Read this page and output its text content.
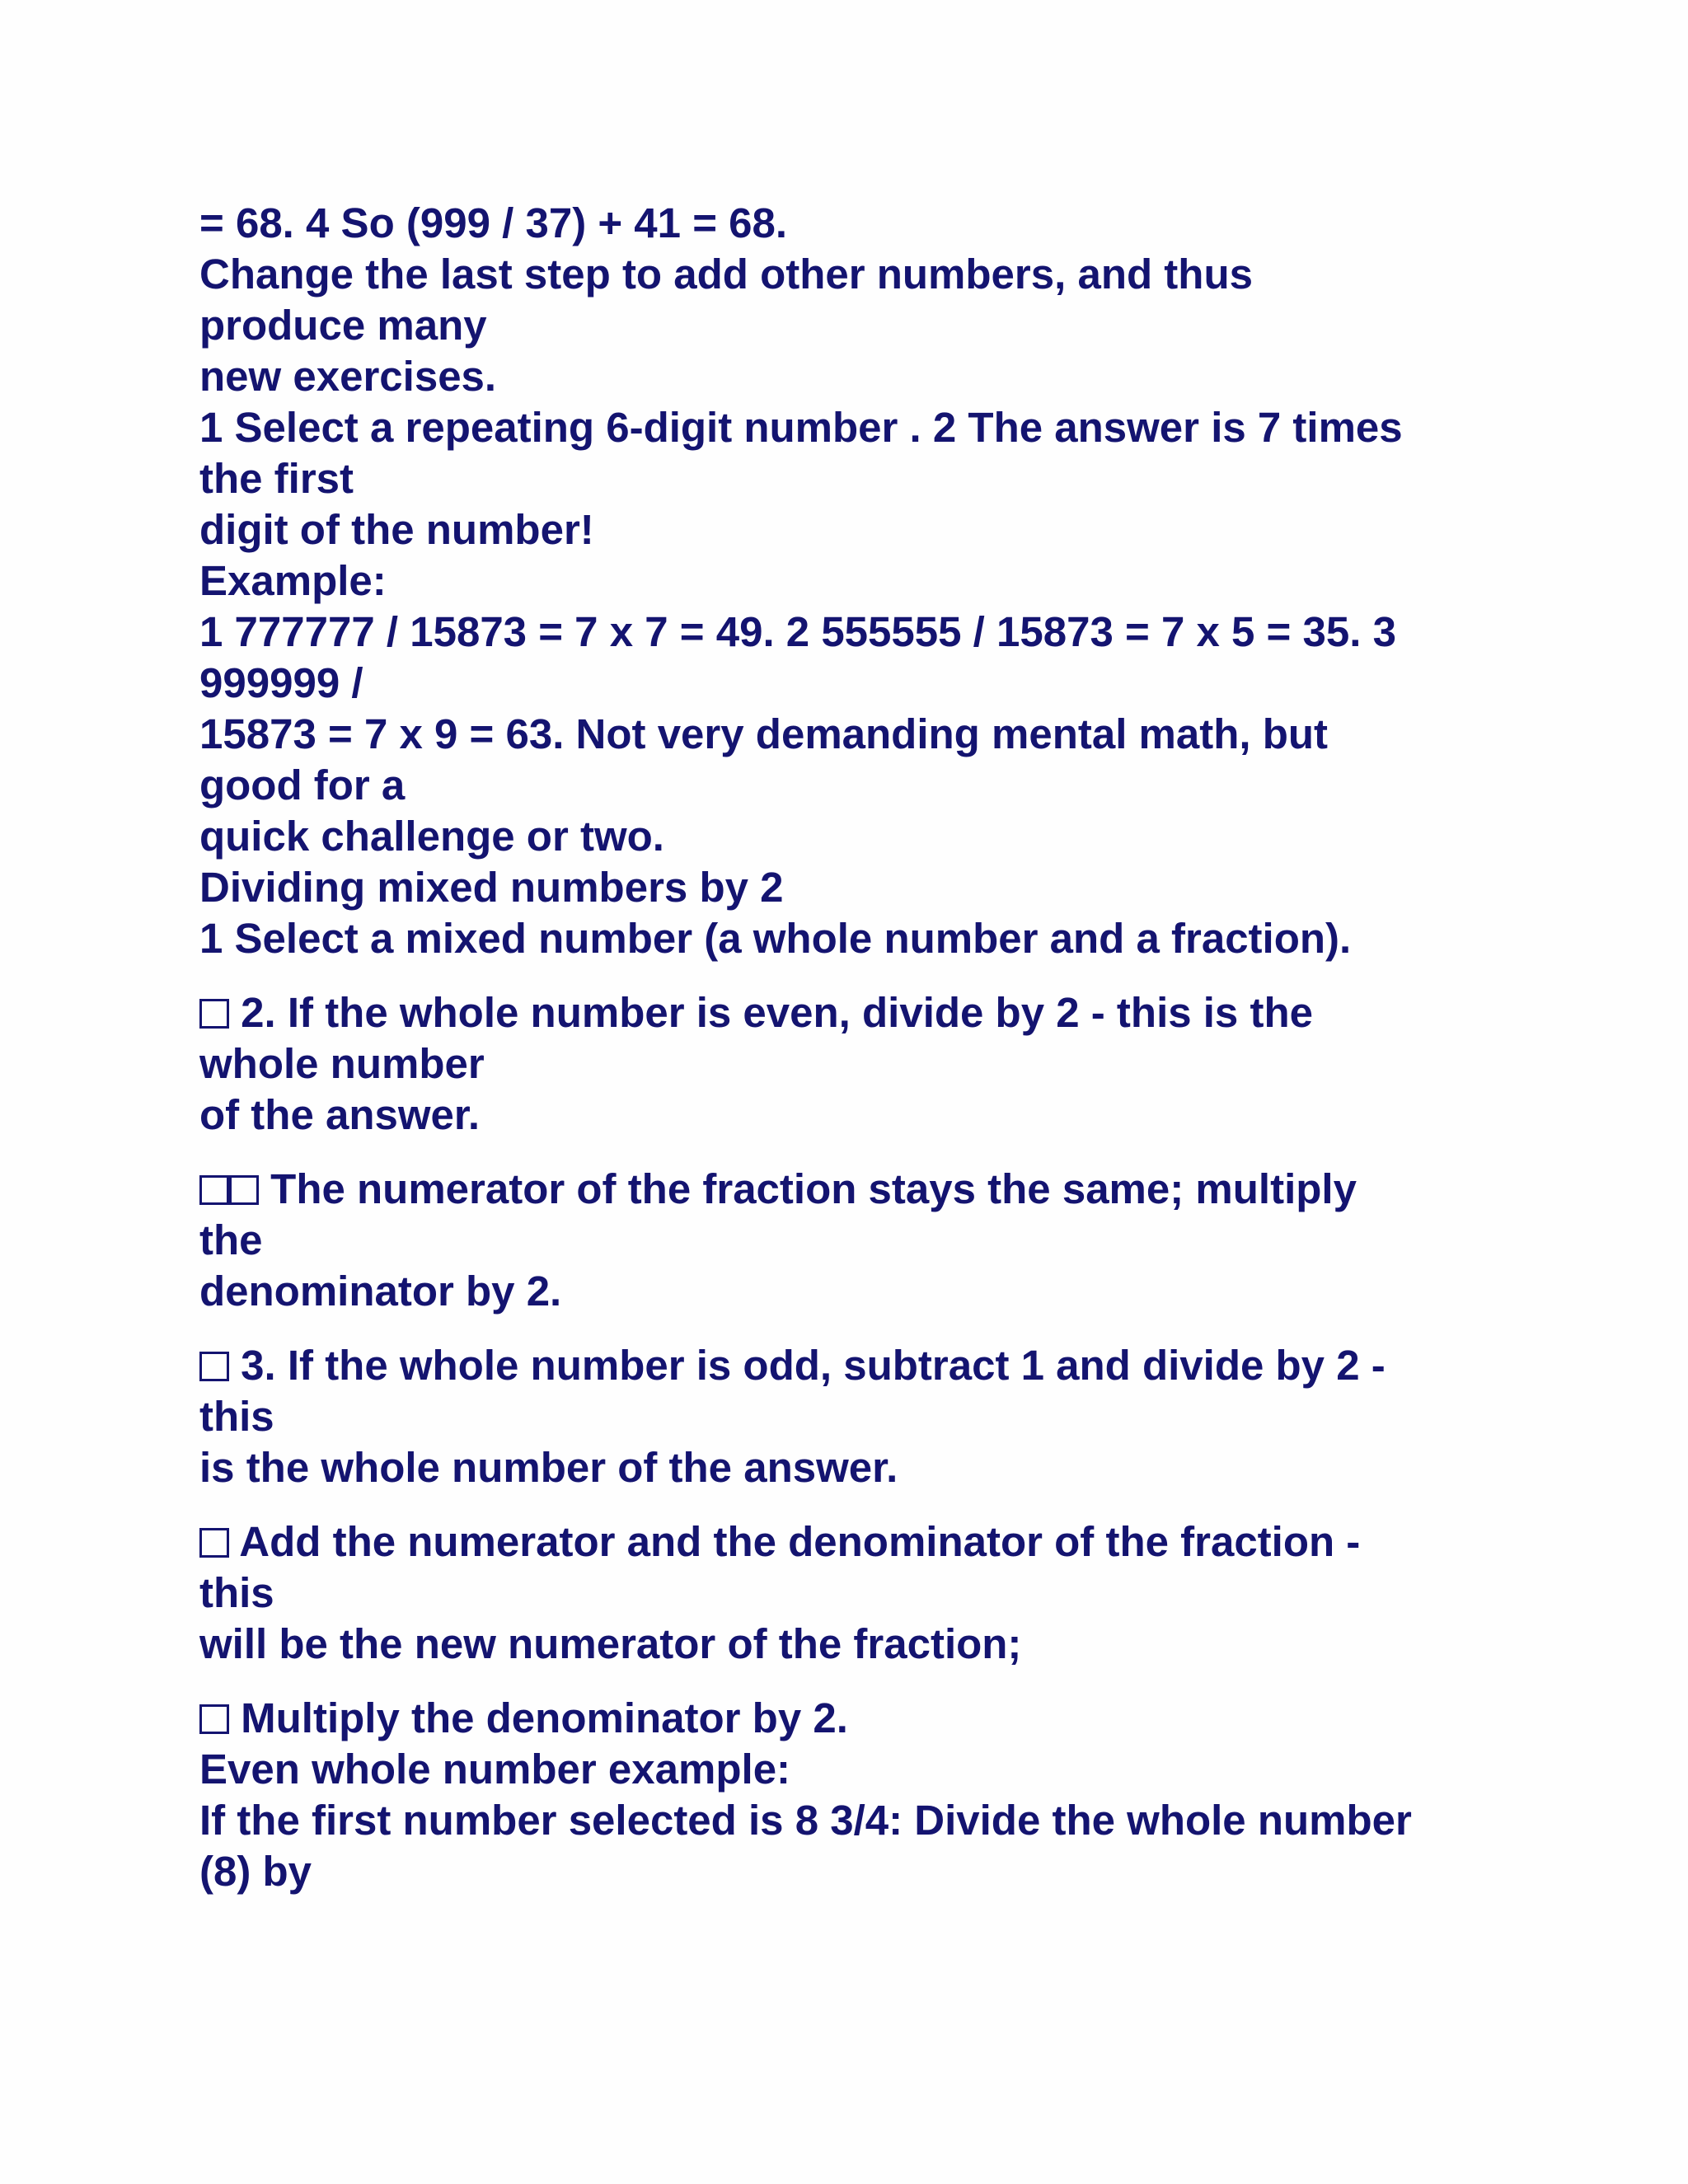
= 68. 4 So (999 / 37) + 41 = 68.
Change the last step to add other numbers, and thus
produce many
new exercises.
1 Select a repeating 6-digit number . 2 The answer is 7 times
the first
digit of the number!
Example:
1 777777 / 15873 = 7 x 7 = 49. 2 555555 / 15873 = 7 x 5 = 35. 3
999999 /
15873 = 7 x 9 = 63. Not very demanding mental math, but
good for a
quick challenge or two.
Dividing mixed numbers by 2
1 Select a mixed number (a whole number and a fraction).
2. If the whole number is even, divide by 2 - this is the
whole number
of the answer.
The numerator of the fraction stays the same; multiply
the
denominator by 2.
3. If the whole number is odd, subtract 1 and divide by 2 -
this
is the whole number of the answer.
Add the numerator and the denominator of the fraction -
this
will be the new numerator of the fraction;
Multiply the denominator by 2.
Even whole number example:
If the first number selected is 8 3/4: Divide the whole number
(8) by
